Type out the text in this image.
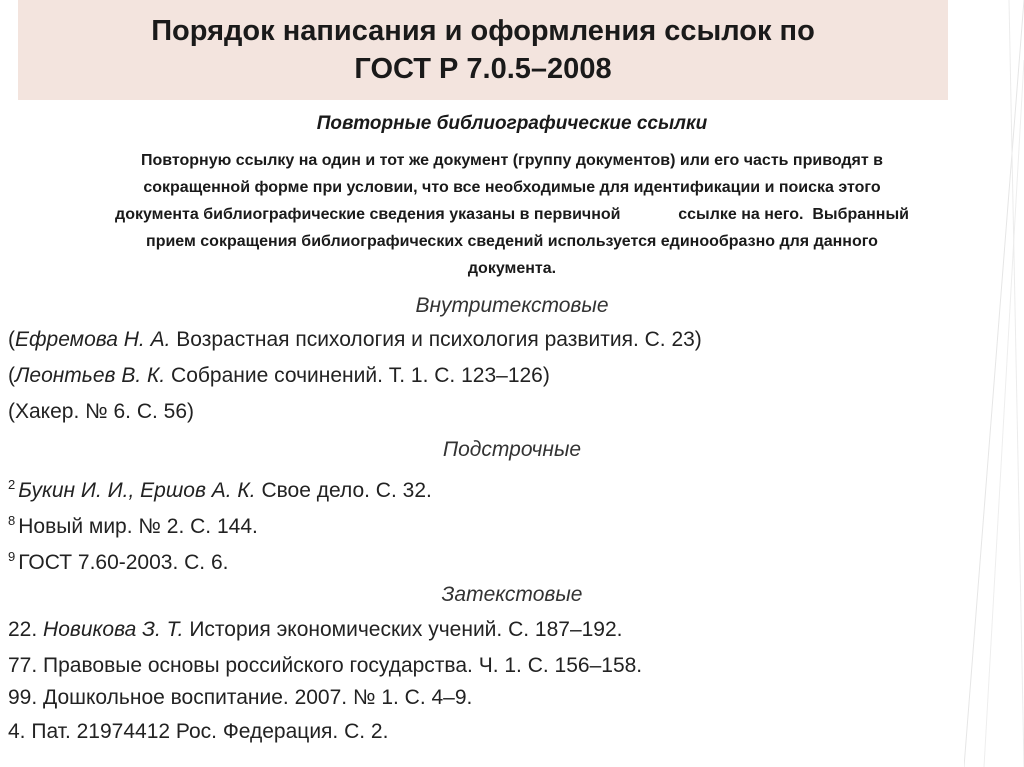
Порядок написания и оформления ссылок по
ГОСТ Р 7.0.5–2008
Повторные библиографические ссылки
Повторную ссылку на один и тот же документ (группу документов) или его часть приводят в
сокращенной форме при условии, что все необходимые для идентификации и поиска этого
документа библиографические сведения указаны в первичной             ссылке на него.  Выбранный
прием сокращения библиографических сведений используется единообразно для данного
документа.
Внутритекстовые
(Ефремова Н. А. Возрастная психология и психология развития. С. 23)
(Леонтьев В. К. Собрание сочинений. Т. 1. С. 123–126)
(Хакер. № 6. С. 56)
Подстрочные
$^2$ Букин И. И., Ершов А. К. Свое дело. С. 32.
$^8$ Новый мир. № 2. С. 144.
$^9$ ГОСТ 7.60-2003. С. 6.
Затекстовые
22. Новикова З. Т. История экономических учений. С. 187–192.
77. Правовые основы российского государства. Ч. 1. С. 156–158.
99. Дошкольное воспитание. 2007. № 1. С. 4–9.
4. Пат. 21974412 Рос. Федерация. С. 2.
